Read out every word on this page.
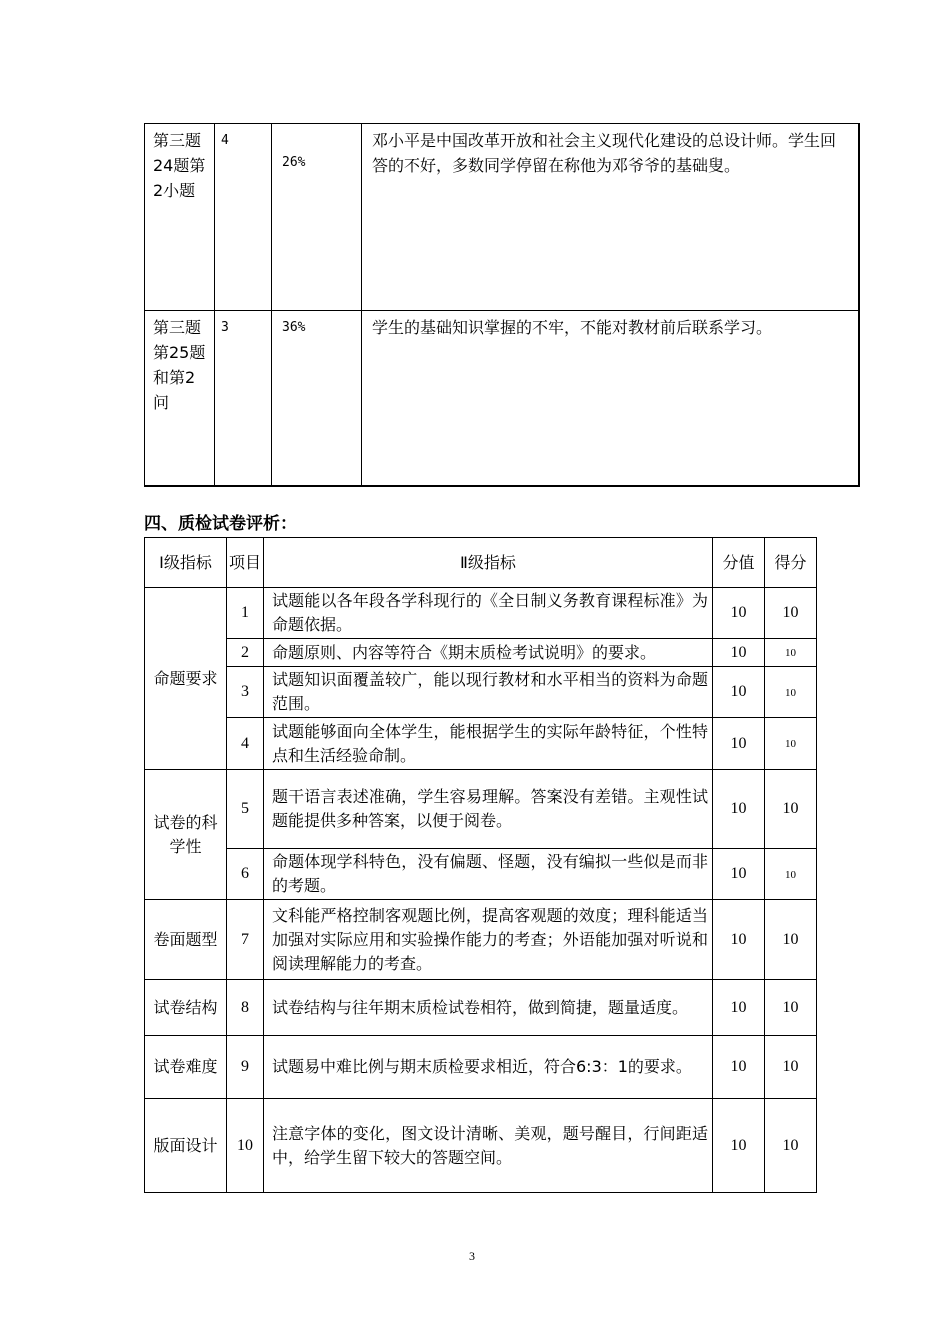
第三题24题第2小题	4	26%	邓小平是中国改革开放和社会主义现代化建设的总设计师。学生回答的不好，多数同学停留在称他为邓爷爷的基础叟。
第三题第25题和第2问	3	36%	学生的基础知识掌握的不牢，不能对教材前后联系学习。
四、质检试卷评析：
Ⅰ级指标	项目	Ⅱ级指标	分值	得分
命题要求	1	试题能以各年段各学科现行的《全日制义务教育课程标准》为命题依据。	10	10
	2	命题原则、内容等符合《期末质检考试说明》的要求。	10	10
	3	试题知识面覆盖较广，能以现行教材和水平相当的资料为命题范围。	10	10
	4	试题能够面向全体学生，能根据学生的实际年龄特征，个性特点和生活经验命制。	10	10
试卷的科学性	5	题干语言表述准确，学生容易理解。答案没有差错。主观性试题能提供多种答案，以便于阅卷。	10	10
	6	命题体现学科特色，没有偏题、怪题，没有编拟一些似是而非的考题。	10	10
卷面题型	7	文科能严格控制客观题比例，提高客观题的效度；理科能适当加强对实际应用和实验操作能力的考查；外语能加强对听说和阅读理解能力的考查。	10	10
试卷结构	8	试卷结构与往年期末质检试卷相符，做到简捷，题量适度。	10	10
试卷难度	9	试题易中难比例与期末质检要求相近，符合6:3：1的要求。	10	10
版面设计	10	注意字体的变化，图文设计清晰、美观，题号醒目，行间距适中，给学生留下较大的答题空间。	10	10
3
